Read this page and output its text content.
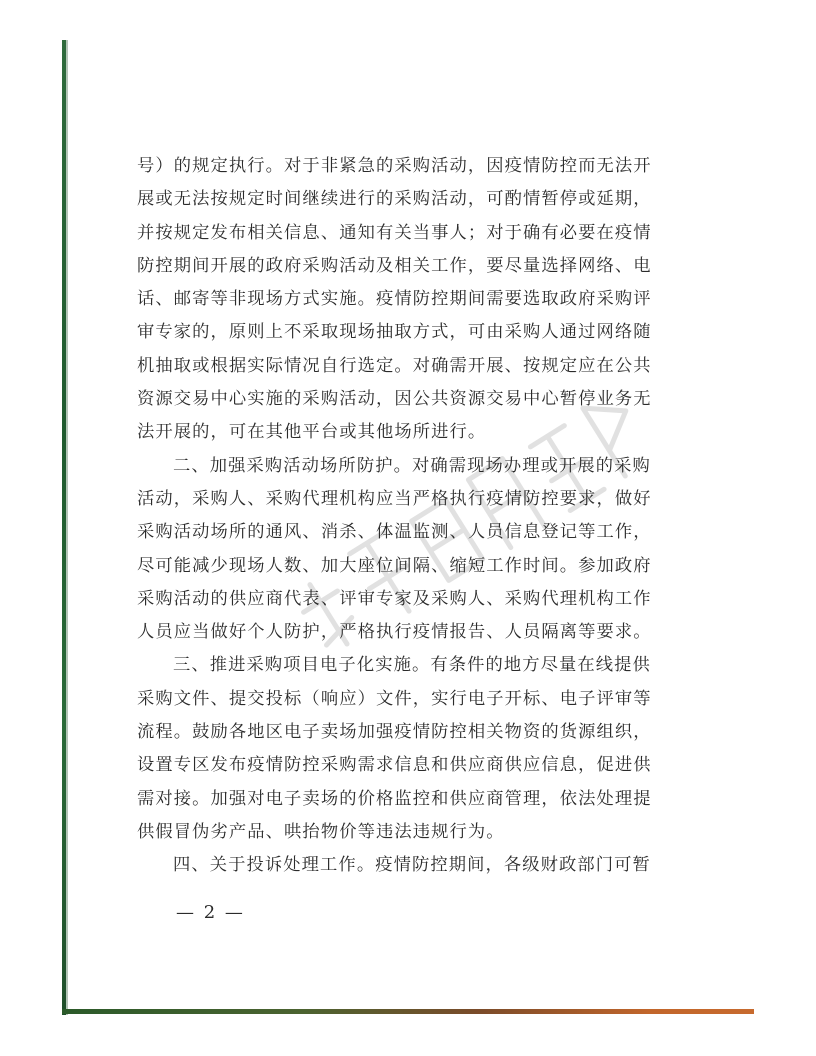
号）的规定执行。对于非紧急的采购活动，因疫情防控而无法开
展或无法按规定时间继续进行的采购活动，可酌情暂停或延期，
并按规定发布相关信息、通知有关当事人；对于确有必要在疫情
防控期间开展的政府采购活动及相关工作，要尽量选择网络、电
话、邮寄等非现场方式实施。疫情防控期间需要选取政府采购评
审专家的，原则上不采取现场抽取方式，可由采购人通过网络随
机抽取或根据实际情况自行选定。对确需开展、按规定应在公共
资源交易中心实施的采购活动，因公共资源交易中心暂停业务无
法开展的，可在其他平台或其他场所进行。
二、加强采购活动场所防护。对确需现场办理或开展的采购
活动，采购人、采购代理机构应当严格执行疫情防控要求，做好
采购活动场所的通风、消杀、体温监测、人员信息登记等工作，
尽可能减少现场人数、加大座位间隔、缩短工作时间。参加政府
采购活动的供应商代表、评审专家及采购人、采购代理机构工作
人员应当做好个人防护，严格执行疫情报告、人员隔离等要求。
三、推进采购项目电子化实施。有条件的地方尽量在线提供
采购文件、提交投标（响应）文件，实行电子开标、电子评审等
流程。鼓励各地区电子卖场加强疫情防控相关物资的货源组织，
设置专区发布疫情防控采购需求信息和供应商供应信息，促进供
需对接。加强对电子卖场的价格监控和供应商管理，依法处理提
供假冒伪劣产品、哄抬物价等违法违规行为。
四、关于投诉处理工作。疫情防控期间，各级财政部门可暂
— 2 —
